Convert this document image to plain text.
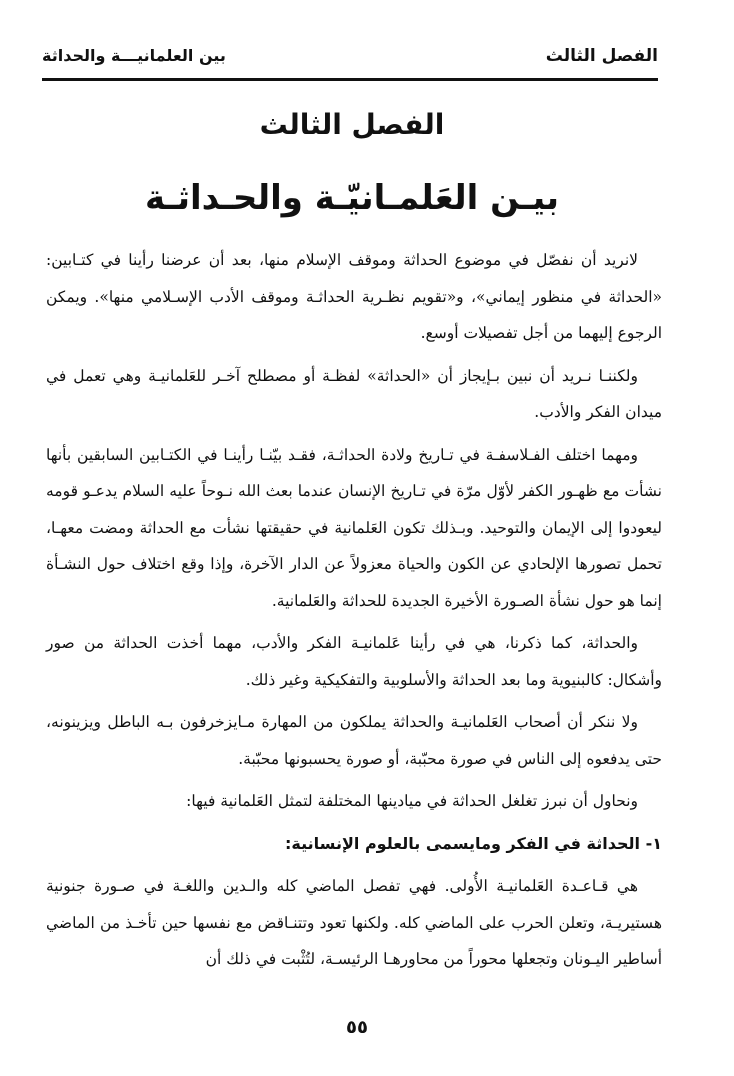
الفصل الثالث
بين العلمانيـــة والحداثة
الفصل الثالث
بيـن العَلمـانيّـة والحـداثـة

لانريد أن نفصّل في موضوع الحداثة وموقف الإسلام منها، بعد أن عرضنا رأينا في كتـابين: «الحداثة في منظور إيماني»، و«تقويم نظـرية الحداثـة وموقف الأدب الإسـلامي منها». ويمكن الرجوع إليهما من أجل تفصيلات أوسع.

ولكننـا نـريد أن نبين بـإيجاز أن «الحداثة» لفظـة أو مصطلح آخـر للعَلمانيـة وهي تعمل في ميدان الفكر والأدب.

ومهما اختلف الفـلاسفـة في تـاريخ ولادة الحداثـة، فقـد بيّنـا رأينـا في الكتـابين السابقين بأنها نشأت مع ظهـور الكفر لأوّل مرّة في تـاريخ الإنسان عندما بعث الله نـوحاً عليه السلام يدعـو قومه ليعودوا إلى الإيمان والتوحيد. وبـذلك تكون العَلمانية في حقيقتها نشأت مع الحداثة ومضت معهـا، تحمل تصورها الإلحادي عن الكون والحياة معزولاً عن الدار الآخرة، وإذا وقع اختلاف حول النشـأة إنما هو حول نشأة الصـورة الأخيرة الجديدة للحداثة والعَلمانية.

والحداثة، كما ذكرنا، هي في رأينا عَلمانيـة الفكر والأدب، مهما أخذت الحداثة من صور وأشكال: كالبنيوية وما بعد الحداثة والأسلوبية والتفكيكية وغير ذلك.

ولا ننكر أن أصحاب العَلمانيـة والحداثة يملكون من المهارة مـايزخرفون بـه الباطل ويزينونه، حتى يدفعوه إلى الناس في صورة محبّبة، أو صورة يحسبونها محبّبة.

ونحاول أن نبرز تغلغل الحداثة في ميادينها المختلفة لتمثل العَلمانية فيها:

١- الحداثة في الفكر ومايسمى بالعلوم الإنسانية:

هي قـاعـدة العَلمانيـة الأُولى. فهي تفصل الماضي كله والـدين واللغـة في صـورة جنونية هستيريـة، وتعلن الحرب على الماضي كله. ولكنها تعود وتتنـاقض مع نفسها حين تأخـذ من الماضي أساطير اليـونان وتجعلها محوراً من محاورهـا الرئيسـة، لتُثْبت في ذلك أن

٥٥
